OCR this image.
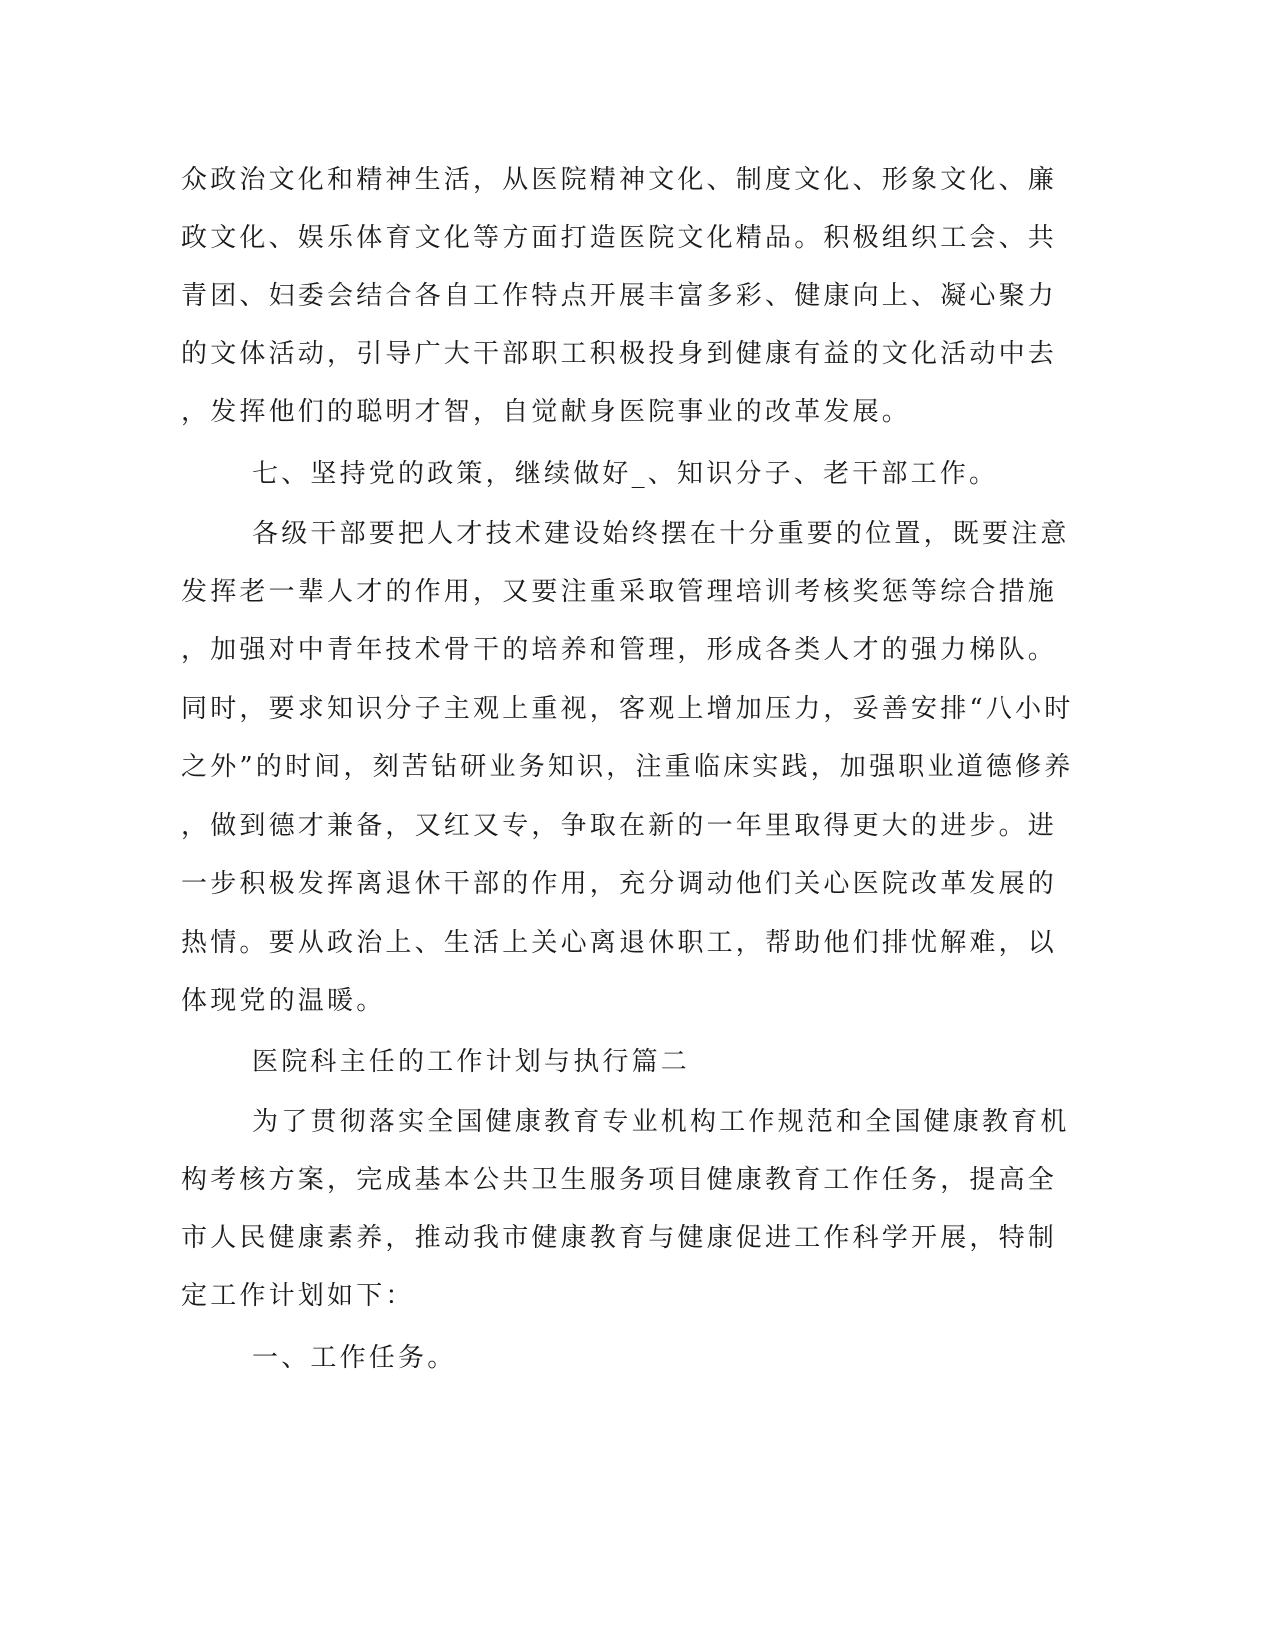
众政治文化和精神生活，从医院精神文化、制度文化、形象文化、廉
政文化、娱乐体育文化等方面打造医院文化精品。积极组织工会、共
青团、妇委会结合各自工作特点开展丰富多彩、健康向上、凝心聚力
的文体活动，引导广大干部职工积极投身到健康有益的文化活动中去
，发挥他们的聪明才智，自觉献身医院事业的改革发展。
七、坚持党的政策，继续做好_、知识分子、老干部工作。
各级干部要把人才技术建设始终摆在十分重要的位置，既要注意
发挥老一辈人才的作用，又要注重采取管理培训考核奖惩等综合措施
，加强对中青年技术骨干的培养和管理，形成各类人才的强力梯队。
同时，要求知识分子主观上重视，客观上增加压力，妥善安排“八小时
之外”的时间，刻苦钻研业务知识，注重临床实践，加强职业道德修养
，做到德才兼备，又红又专，争取在新的一年里取得更大的进步。进
一步积极发挥离退休干部的作用，充分调动他们关心医院改革发展的
热情。要从政治上、生活上关心离退休职工，帮助他们排忧解难，以
体现党的温暖。
医院科主任的工作计划与执行篇二
为了贯彻落实全国健康教育专业机构工作规范和全国健康教育机
构考核方案，完成基本公共卫生服务项目健康教育工作任务，提高全
市人民健康素养，推动我市健康教育与健康促进工作科学开展，特制
定工作计划如下：
一、工作任务。
